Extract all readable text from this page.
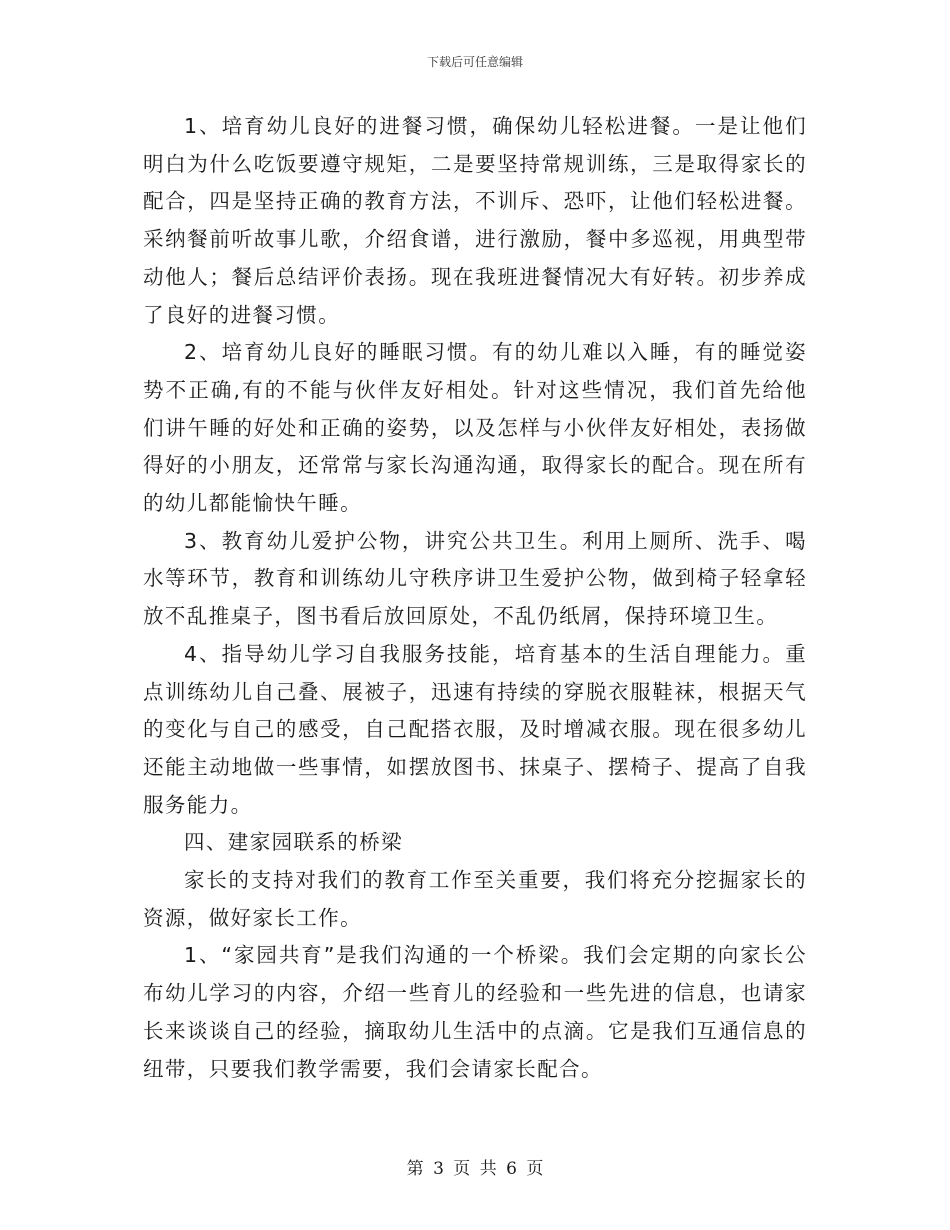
下载后可任意编辑

1、培育幼儿良好的进餐习惯，确保幼儿轻松进餐。一是让他们明白为什么吃饭要遵守规矩，二是要坚持常规训练，三是取得家长的配合，四是坚持正确的教育方法，不训斥、恐吓，让他们轻松进餐。采纳餐前听故事儿歌，介绍食谱，进行激励，餐中多巡视，用典型带动他人；餐后总结评价表扬。现在我班进餐情况大有好转。初步养成了良好的进餐习惯。

2、培育幼儿良好的睡眠习惯。有的幼儿难以入睡，有的睡觉姿势不正确,有的不能与伙伴友好相处。针对这些情况，我们首先给他们讲午睡的好处和正确的姿势，以及怎样与小伙伴友好相处，表扬做得好的小朋友，还常常与家长沟通沟通，取得家长的配合。现在所有的幼儿都能愉快午睡。

3、教育幼儿爱护公物，讲究公共卫生。利用上厕所、洗手、喝水等环节，教育和训练幼儿守秩序讲卫生爱护公物，做到椅子轻拿轻放不乱推桌子，图书看后放回原处，不乱仍纸屑，保持环境卫生。

4、指导幼儿学习自我服务技能，培育基本的生活自理能力。重点训练幼儿自己叠、展被子，迅速有持续的穿脱衣服鞋袜，根据天气的变化与自己的感受，自己配搭衣服，及时增减衣服。现在很多幼儿还能主动地做一些事情，如摆放图书、抹桌子、摆椅子、提高了自我服务能力。

四、建家园联系的桥梁

家长的支持对我们的教育工作至关重要，我们将充分挖掘家长的资源，做好家长工作。

1、“家园共育”是我们沟通的一个桥梁。我们会定期的向家长公布幼儿学习的内容，介绍一些育儿的经验和一些先进的信息，也请家长来谈谈自己的经验，摘取幼儿生活中的点滴。它是我们互通信息的纽带，只要我们教学需要，我们会请家长配合。

第 3 页 共 6 页
